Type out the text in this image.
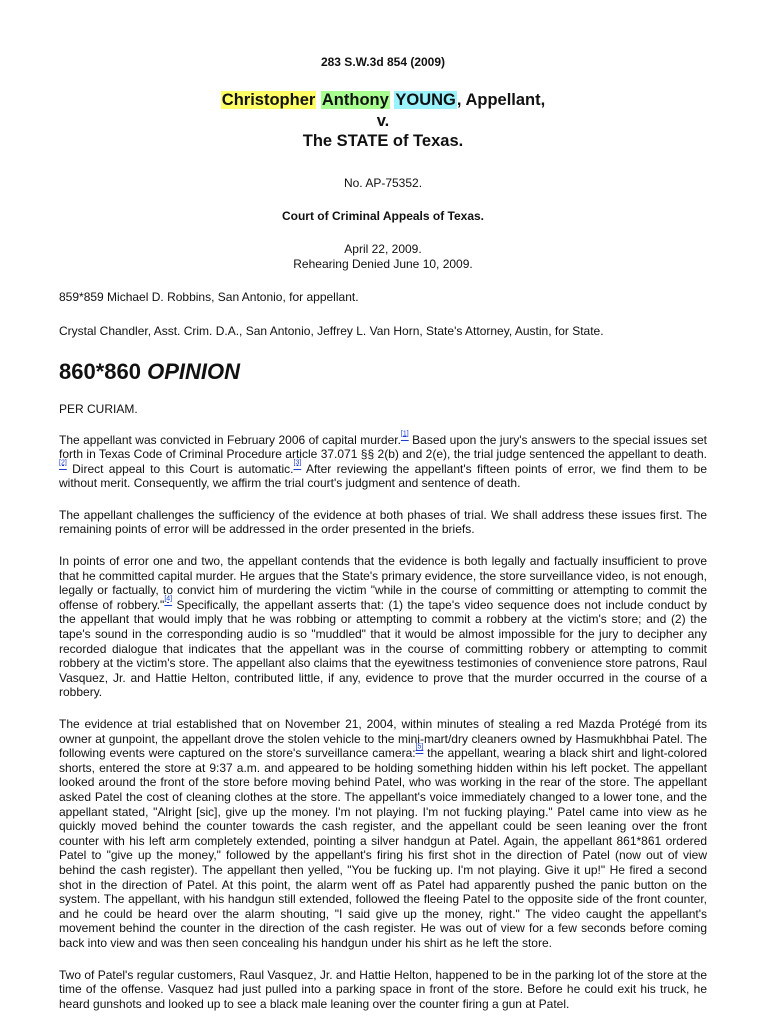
283 S.W.3d 854 (2009)
Christopher Anthony YOUNG, Appellant,
v.
The STATE of Texas.
No. AP-75352.
Court of Criminal Appeals of Texas.
April 22, 2009.
Rehearing Denied June 10, 2009.
859*859 Michael D. Robbins, San Antonio, for appellant.
Crystal Chandler, Asst. Crim. D.A., San Antonio, Jeffrey L. Van Horn, State's Attorney, Austin, for State.
860*860 OPINION
PER CURIAM.

The appellant was convicted in February 2006 of capital murder.[1] Based upon the jury's answers to the special issues set forth in Texas Code of Criminal Procedure article 37.071 §§ 2(b) and 2(e), the trial judge sentenced the appellant to death.[2] Direct appeal to this Court is automatic.[3] After reviewing the appellant's fifteen points of error, we find them to be without merit. Consequently, we affirm the trial court's judgment and sentence of death.

The appellant challenges the sufficiency of the evidence at both phases of trial. We shall address these issues first. The remaining points of error will be addressed in the order presented in the briefs.

In points of error one and two, the appellant contends that the evidence is both legally and factually insufficient to prove that he committed capital murder. He argues that the State's primary evidence, the store surveillance video, is not enough, legally or factually, to convict him of murdering the victim "while in the course of committing or attempting to commit the offense of robbery."[4] Specifically, the appellant asserts that: (1) the tape's video sequence does not include conduct by the appellant that would imply that he was robbing or attempting to commit a robbery at the victim's store; and (2) the tape's sound in the corresponding audio is so "muddled" that it would be almost impossible for the jury to decipher any recorded dialogue that indicates that the appellant was in the course of committing robbery or attempting to commit robbery at the victim's store. The appellant also claims that the eyewitness testimonies of convenience store patrons, Raul Vasquez, Jr. and Hattie Helton, contributed little, if any, evidence to prove that the murder occurred in the course of a robbery.

The evidence at trial established that on November 21, 2004, within minutes of stealing a red Mazda Protégé from its owner at gunpoint, the appellant drove the stolen vehicle to the mini-mart/dry cleaners owned by Hasmukhbhai Patel. The following events were captured on the store's surveillance camera:[5] the appellant, wearing a black shirt and light-colored shorts, entered the store at 9:37 a.m. and appeared to be holding something hidden within his left pocket. The appellant looked around the front of the store before moving behind Patel, who was working in the rear of the store. The appellant asked Patel the cost of cleaning clothes at the store. The appellant's voice immediately changed to a lower tone, and the appellant stated, "Alright [sic], give up the money. I'm not playing. I'm not fucking playing." Patel came into view as he quickly moved behind the counter towards the cash register, and the appellant could be seen leaning over the front counter with his left arm completely extended, pointing a silver handgun at Patel. Again, the appellant 861*861 ordered Patel to "give up the money," followed by the appellant's firing his first shot in the direction of Patel (now out of view behind the cash register). The appellant then yelled, "You be fucking up. I'm not playing. Give it up!" He fired a second shot in the direction of Patel. At this point, the alarm went off as Patel had apparently pushed the panic button on the system. The appellant, with his handgun still extended, followed the fleeing Patel to the opposite side of the front counter, and he could be heard over the alarm shouting, "I said give up the money, right." The video caught the appellant's movement behind the counter in the direction of the cash register. He was out of view for a few seconds before coming back into view and was then seen concealing his handgun under his shirt as he left the store.

Two of Patel's regular customers, Raul Vasquez, Jr. and Hattie Helton, happened to be in the parking lot of the store at the time of the offense. Vasquez had just pulled into a parking space in front of the store. Before he could exit his truck, he heard gunshots and looked up to see a black male leaning over the counter firing a gun at Patel.
